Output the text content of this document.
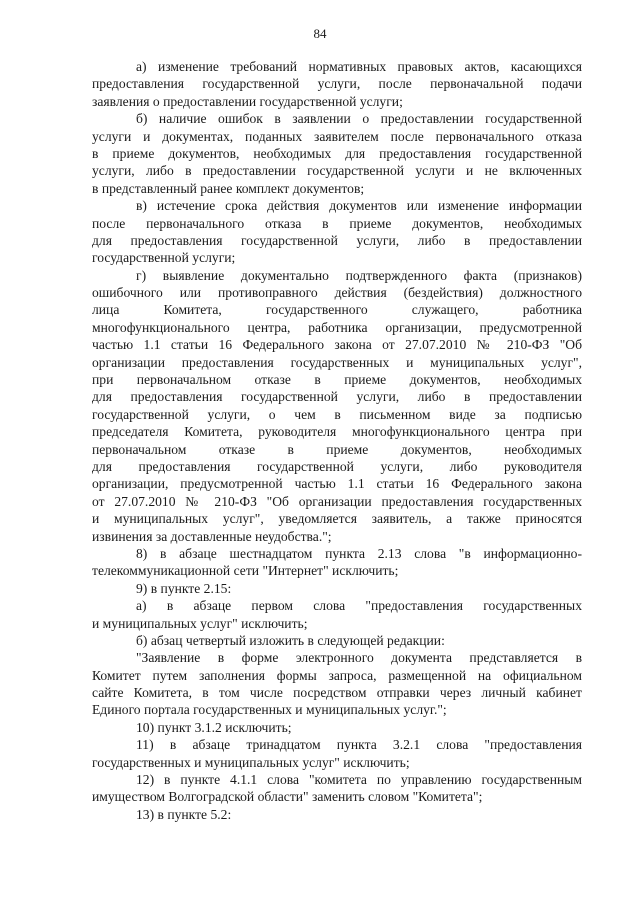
84
а) изменение требований нормативных правовых актов, касающихся
предоставления государственной услуги, после первоначальной подачи
заявления о предоставлении государственной услуги;
б) наличие ошибок в заявлении о предоставлении государственной
услуги и документах, поданных заявителем после первоначального отказа
в приеме документов, необходимых для предоставления государственной
услуги, либо в предоставлении государственной услуги и не включенных
в представленный ранее комплект документов;
в) истечение срока действия документов или изменение информации
после первоначального отказа в приеме документов, необходимых
для предоставления государственной услуги, либо в предоставлении
государственной услуги;
г) выявление документально подтвержденного факта (признаков)
ошибочного или противоправного действия (бездействия) должностного
лица Комитета, государственного служащего, работника
многофункционального центра, работника организации, предусмотренной
частью 1.1 статьи 16 Федерального закона от 27.07.2010 № 210-ФЗ "Об
организации предоставления государственных и муниципальных услуг",
при первоначальном отказе в приеме документов, необходимых
для предоставления государственной услуги, либо в предоставлении
государственной услуги, о чем в письменном виде за подписью
председателя Комитета, руководителя многофункционального центра при
первоначальном отказе в приеме документов, необходимых
для предоставления государственной услуги, либо руководителя
организации, предусмотренной частью 1.1 статьи 16 Федерального закона
от 27.07.2010 № 210-ФЗ "Об организации предоставления государственных
и муниципальных услуг", уведомляется заявитель, а также приносятся
извинения за доставленные неудобства.";
8) в абзаце шестнадцатом пункта 2.13 слова "в информационно-
телекоммуникационной сети "Интернет" исключить;
9) в пункте 2.15:
а) в абзаце первом слова "предоставления государственных
и муниципальных услуг" исключить;
б) абзац четвертый изложить в следующей редакции:
"Заявление в форме электронного документа представляется в
Комитет путем заполнения формы запроса, размещенной на официальном
сайте Комитета, в том числе посредством отправки через личный кабинет
Единого портала государственных и муниципальных услуг.";
10) пункт 3.1.2 исключить;
11) в абзаце тринадцатом пункта 3.2.1 слова "предоставления
государственных и муниципальных услуг" исключить;
12) в пункте 4.1.1 слова "комитета по управлению государственным
имуществом Волгоградской области" заменить словом "Комитета";
13) в пункте 5.2:
